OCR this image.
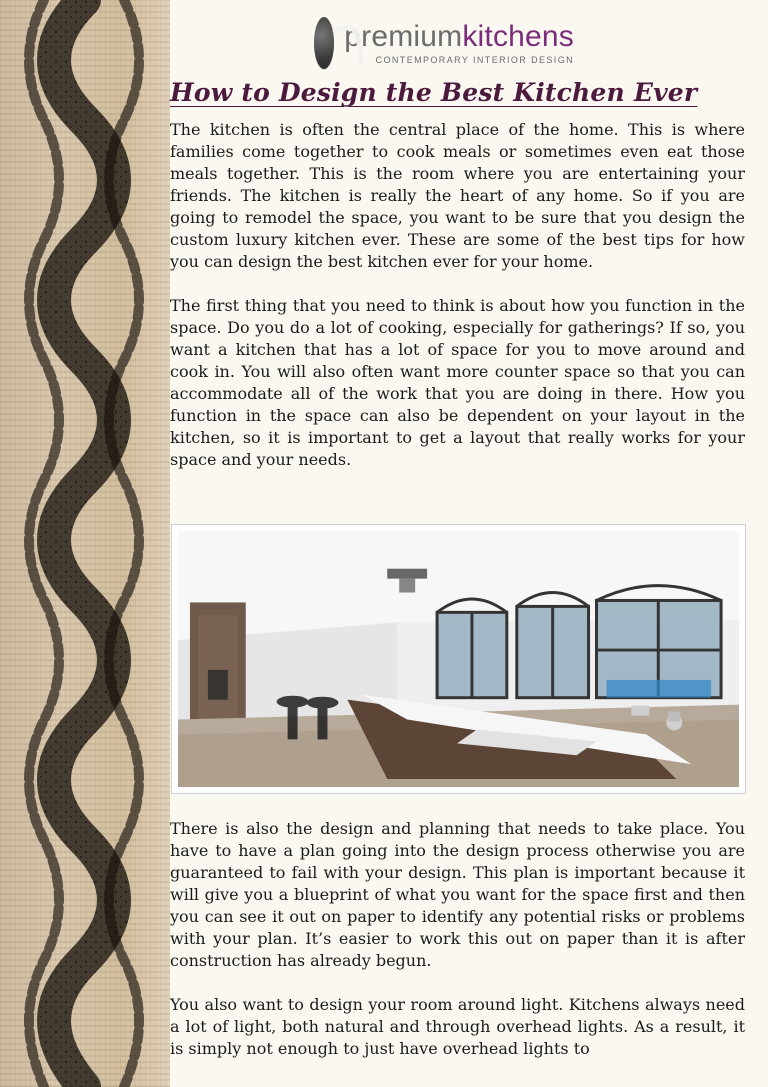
premium kitchens
CONTEMPORARY INTERIOR DESIGN
How to Design the Best Kitchen Ever

The kitchen is often the central place of the home. This is where families come together to cook meals or sometimes even eat those meals together. This is the room where you are entertaining your friends. The kitchen is really the heart of any home. So if you are going to remodel the space, you want to be sure that you design the custom luxury kitchen ever. These are some of the best tips for how you can design the best kitchen ever for your home.

The first thing that you need to think is about how you function in the space. Do you do a lot of cooking, especially for gatherings? If so, you want a kitchen that has a lot of space for you to move around and cook in. You will also often want more counter space so that you can accommodate all of the work that you are doing in there. How you function in the space can also be dependent on your layout in the kitchen, so it is important to get a layout that really works for your space and your needs.

There is also the design and planning that needs to take place. You have to have a plan going into the design process otherwise you are guaranteed to fail with your design. This plan is important because it will give you a blueprint of what you want for the space first and then you can see it out on paper to identify any potential risks or problems with your plan. It’s easier to work this out on paper than it is after construction has already begun.

You also want to design your room around light. Kitchens always need a lot of light, both natural and through overhead lights. As a result, it is simply not enough to just have overhead lights to
